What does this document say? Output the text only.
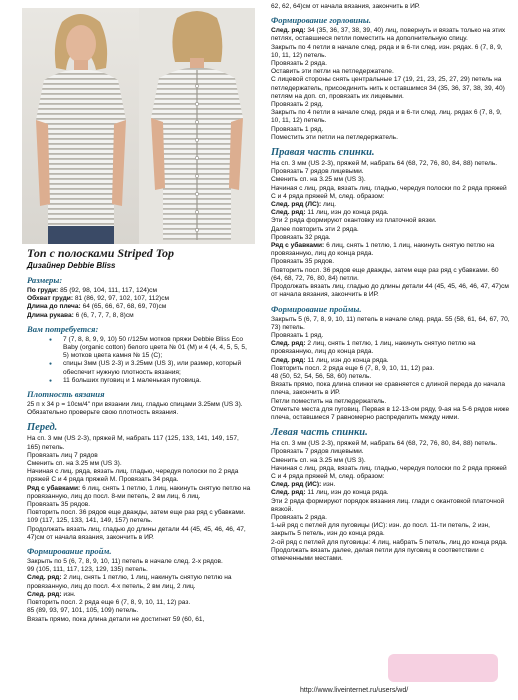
Топ с полосками Striped Top

Дизайнер Debbie Bliss

Размеры:

По груди: 85 (92, 98, 104, 111, 117, 124)см

Обхват груди: 81 (86, 92, 97, 102, 107, 112)см

Длина до плеча: 64 (65, 66, 67, 68, 69, 70)см

Длина рукава: 6 (6, 7, 7, 7, 8, 8)см

Вам потребуется:

● 7 (7, 8, 8, 9, 9, 10) 50 г/125м мотков пряжи Debbie Bliss Eco Baby (organic cotton) белого цвета № 01 (M) и 4 (4, 4, 5, 5, 5, 5) мотков цвета камня № 15 (C);

● спицы 3мм (US 2-3) и 3.25мм (US 3), или размер, который обеспечит нужную плотность вязания;

● 11 больших пуговиц и 1 маленькая пуговица.

Плотность вязания

25 п x 34 р = 10см/4" при вязании лиц. гладью спицами 3.25мм (US 3).

Обязательно проверьте свою плотность вязания.

Перед.

На сп. 3 мм (US 2-3), пряжей М, набрать 117 (125, 133, 141, 149, 157, 165) петель.

Провязать лиц 7 рядов

Сменить сп. на 3.25 мм (US 3).

Начиная с лиц. ряда, вязать лиц. гладью, чередуя полоски по 2 ряда пряжей С и 4 ряда пряжей М. Провязать 34 ряда.

Ряд с убавками: 6 лиц, снять 1 петлю, 1 лиц, накинуть снятую петлю на провязанную, лиц до посл. 8-ми петель, 2 вм лиц, 6 лиц.

Провязать 35 рядов.

Повторить посл. 36 рядов еще дважды, затем еще раз ряд с убавками. 109 (117, 125, 133, 141, 149, 157) петель.

Продолжать вязать лиц. гладью до длины детали 44 (45, 45, 46, 46, 47, 47)см от начала вязания, закончить в ИР.

Формирование пройм.

Закрыть по 5 (6, 7, 8, 9, 10, 11) петель в начале след. 2-х рядов.

99 (105, 111, 117, 123, 129, 135) петель.

След. ряд: 2 лиц, снять 1 петлю, 1 лиц, накинуть снятую петлю на провязанную, лиц до посл. 4-х петель, 2 вм лиц, 2 лиц.

След. ряд: изн.

Повторить посл. 2 ряда еще 6 (7, 8, 9, 10, 11, 12) раз.

85 (89, 93, 97, 101, 105, 109) петель.

Вязать прямо, пока длина детали не достигнет 59 (60, 61,

62, 62, 64)см от начала вязания, закончить в ИР.

Формирование горловины.

След. ряд: 34 (35, 36, 37, 38, 39, 40) лиц, повернуть и вязать только на этих петлях, оставшиеся петли поместить на дополнительную спицу.

Закрыть по 4 петли в начале след. ряда и в 6-ти след. изн. рядах. 6 (7, 8, 9, 10, 11, 12) петель.

Провязать 2 ряда.

Оставить эти петли на петледержателе.

С лицевой стороны снять центральные 17 (19, 21, 23, 25, 27, 29) петель на петледержатель, присоединить нить к оставшимся 34 (35, 36, 37, 38, 39, 40) петлям на доп. сп, провязать их лицевыми.

Провязать 2 ряд.

Закрыть по 4 петли в начале след. ряда и в 6-ти след. лиц. рядах 6 (7, 8, 9, 10, 11, 12) петель.

Провязать 1 ряд.

Поместить эти петли на петледержатель.

Правая часть спинки.

На сп. 3 мм (US 2-3), пряжей М, набрать 64 (68, 72, 76, 80, 84, 88) петель.

Провязать 7 рядов лицевыми.

Сменить сп. на 3.25 мм (US 3).

Начиная с лиц. ряда, вязать лиц. гладью, чередуя полоски по 2 ряда пряжей С и 4 ряда пряжей М, след. образом:

След. ряд (ЛС): лиц.

След. ряд: 11 лиц, изн до конца ряда.

Эти 2 ряда формируют окантовку из платочной вязки.

Далее повторить эти 2 ряда.

Провязать 32 ряда.

Ряд с убавками: 6 лиц, снять 1 петлю, 1 лиц, накинуть снятую петлю на провязанную, лиц до конца ряда.

Провязать 35 рядов.

Повторить посл. 36 рядов еще дважды, затем еще раз ряд с убавками. 60 (64, 68, 72, 76, 80, 84) петли.

Продолжать вязать лиц. гладью до длины детали 44 (45, 45, 46, 46, 47, 47)см от начала вязания, закончить в ИР.

Формирование проймы.

Закрыть 5 (6, 7, 8, 9, 10, 11) петель в начале след. ряда. 55 (58, 61, 64, 67, 70, 73) петель.

Провязать 1 ряд.

След. ряд: 2 лиц, снять 1 петлю, 1 лиц, накинуть снятую петлю на провязанную, лиц до конца ряда.

След. ряд: 11 лиц, изн до конца ряда.

Повторить посл. 2 ряда еще 6 (7, 8, 9, 10, 11, 12) раз.

48 (50, 52, 54, 56, 58, 60) петель.

Вязать прямо, пока длина спинки не сравняется с длиной переда до начала плеча, закончить в ИР.

Петли поместить на петледержатель.

Отметьте места для пуговиц. Первая в 12-13-ом ряду, 9-ая на 5-6 рядов ниже плеча, оставшиеся 7 равномерно распределить между ними.

Левая часть спинки.

На сп. 3 мм (US 2-3), пряжей М, набрать 64 (68, 72, 76, 80, 84, 88) петель.

Провязать 7 рядов лицевыми.

Сменить сп. на 3.25 мм (US 3).

Начиная с лиц. ряда, вязать лиц. гладью, чередуя полоски по 2 ряда пряжей С и 4 ряда пряжей М, след. образом:

След. ряд (ИС): изн.

След. ряд: 11 лиц, изн до конца ряда.

Эти 2 ряда формируют порядок вязания лиц. глади с окантовкой платочной вязкой.

Провязать 2 ряда.

1-ый ряд с петлей для пуговицы (ИС): изн. до посл. 11-ти петель, 2 изн, закрыть 5 петель, изн до конца ряда.

2-ой ряд с петлей для пуговицы: 4 лиц, набрать 5 петель, лиц до конца ряда.

Продолжать вязать далее, делая петли для пуговиц в соответствии с отмеченными местами.

http://www.liveinternet.ru/users/wd/
